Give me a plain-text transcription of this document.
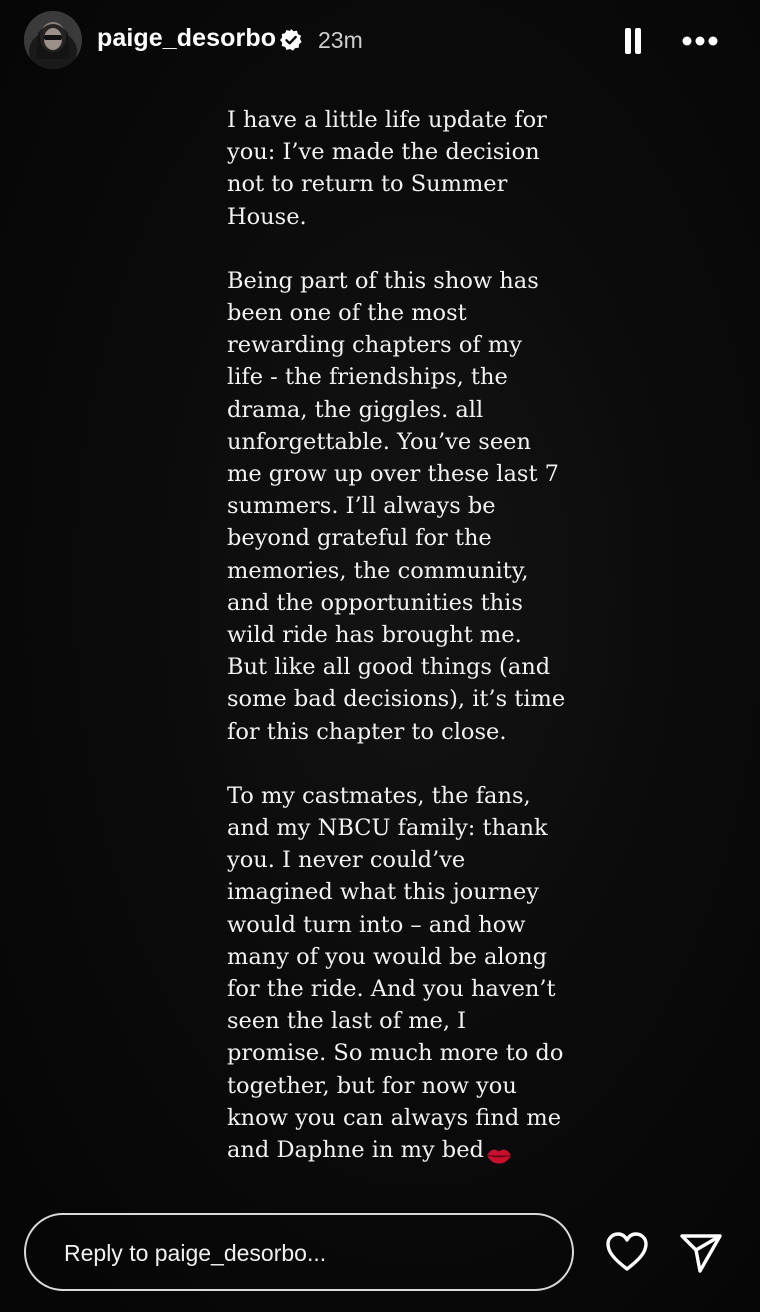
paige_desorbo 23m

I have a little life update for
you: I’ve made the decision
not to return to Summer
House.

Being part of this show has
been one of the most
rewarding chapters of my
life - the friendships, the
drama, the giggles. all
unforgettable. You’ve seen
me grow up over these last 7
summers. I’ll always be
beyond grateful for the
memories, the community,
and the opportunities this
wild ride has brought me.
But like all good things (and
some bad decisions), it’s time
for this chapter to close.

To my castmates, the fans,
and my NBCU family: thank
you. I never could’ve
imagined what this journey
would turn into – and how
many of you would be along
for the ride. And you haven’t
seen the last of me, I
promise. So much more to do
together, but for now you
know you can always find me
and Daphne in my bed

Reply to paige_desorbo...
